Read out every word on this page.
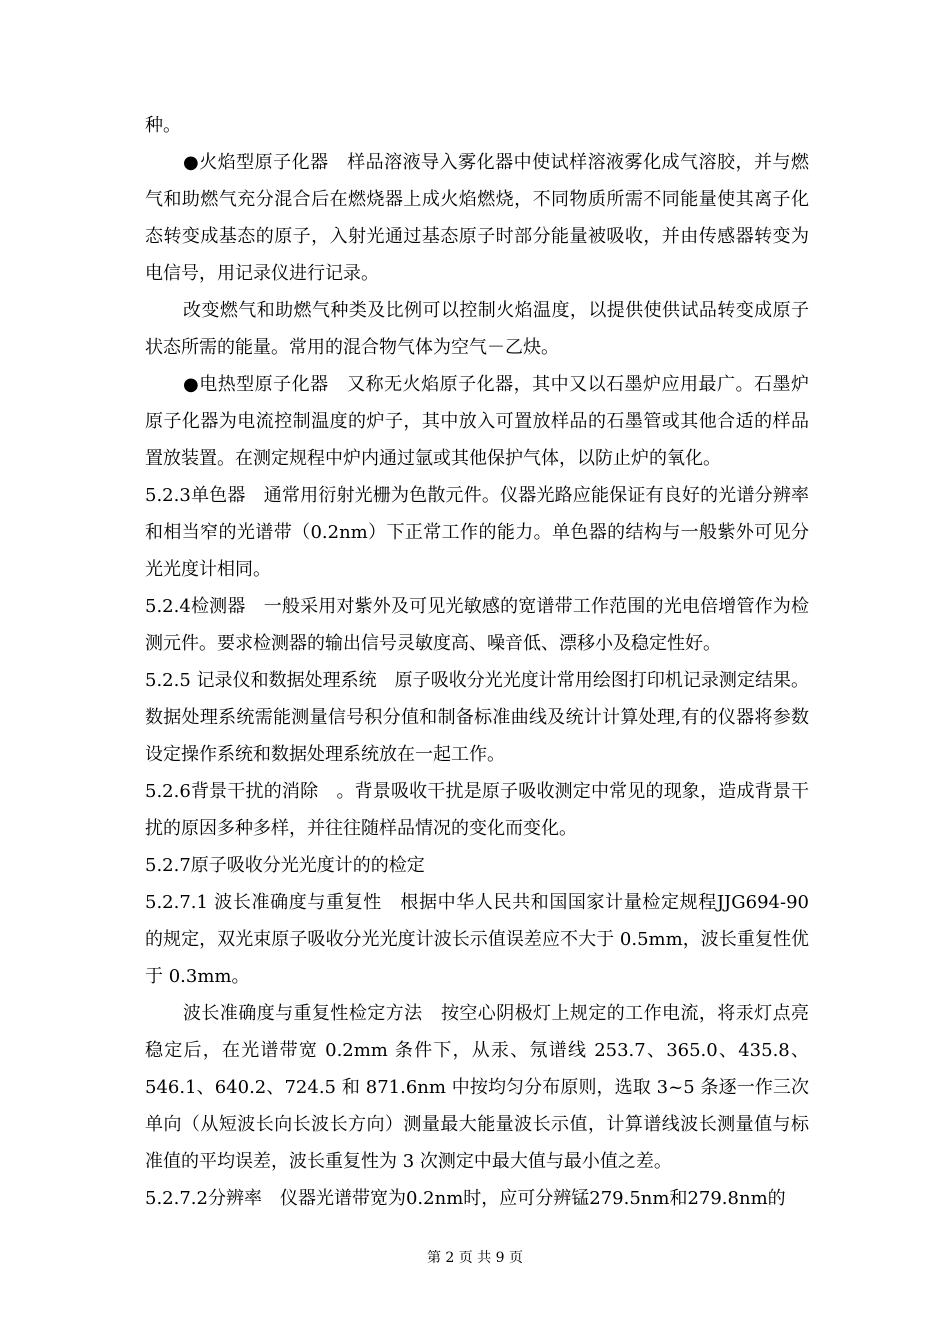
种。

●火焰型原子化器　样品溶液导入雾化器中使试样溶液雾化成气溶胶，并与燃气和助燃气充分混合后在燃烧器上成火焰燃烧，不同物质所需不同能量使其离子化态转变成基态的原子，入射光通过基态原子时部分能量被吸收，并由传感器转变为电信号，用记录仪进行记录。

改变燃气和助燃气种类及比例可以控制火焰温度，以提供使供试品转变成原子状态所需的能量。常用的混合物气体为空气－乙炔。

●电热型原子化器　又称无火焰原子化器，其中又以石墨炉应用最广。石墨炉原子化器为电流控制温度的炉子，其中放入可置放样品的石墨管或其他合适的样品置放装置。在测定规程中炉内通过氩或其他保护气体，以防止炉的氧化。

5.2.3单色器　通常用衍射光栅为色散元件。仪器光路应能保证有良好的光谱分辨率和相当窄的光谱带（0.2nm）下正常工作的能力。单色器的结构与一般紫外可见分光光度计相同。

5.2.4检测器　一般采用对紫外及可见光敏感的宽谱带工作范围的光电倍增管作为检测元件。要求检测器的输出信号灵敏度高、噪音低、漂移小及稳定性好。

5.2.5 记录仪和数据处理系统　原子吸收分光光度计常用绘图打印机记录测定结果。数据处理系统需能测量信号积分值和制备标准曲线及统计计算处理,有的仪器将参数设定操作系统和数据处理系统放在一起工作。

5.2.6背景干扰的消除　。背景吸收干扰是原子吸收测定中常见的现象，造成背景干扰的原因多种多样，并往往随样品情况的变化而变化。

5.2.7原子吸收分光光度计的的检定

5.2.7.1 波长准确度与重复性　根据中华人民共和国国家计量检定规程JJG694-90的规定，双光束原子吸收分光光度计波长示值误差应不大于 0.5mm，波长重复性优于 0.3mm。

波长准确度与重复性检定方法　按空心阴极灯上规定的工作电流，将汞灯点亮稳定后，在光谱带宽 0.2mm 条件下，从汞、氖谱线 253.7、365.0、435.8、546.1、640.2、724.5 和 871.6nm 中按均匀分布原则，选取 3~5 条逐一作三次单向（从短波长向长波长方向）测量最大能量波长示值，计算谱线波长测量值与标准值的平均误差，波长重复性为 3 次测定中最大值与最小值之差。

5.2.7.2分辨率　仪器光谱带宽为0.2nm时，应可分辨锰279.5nm和279.8nm的

第 2 页 共 9 页
